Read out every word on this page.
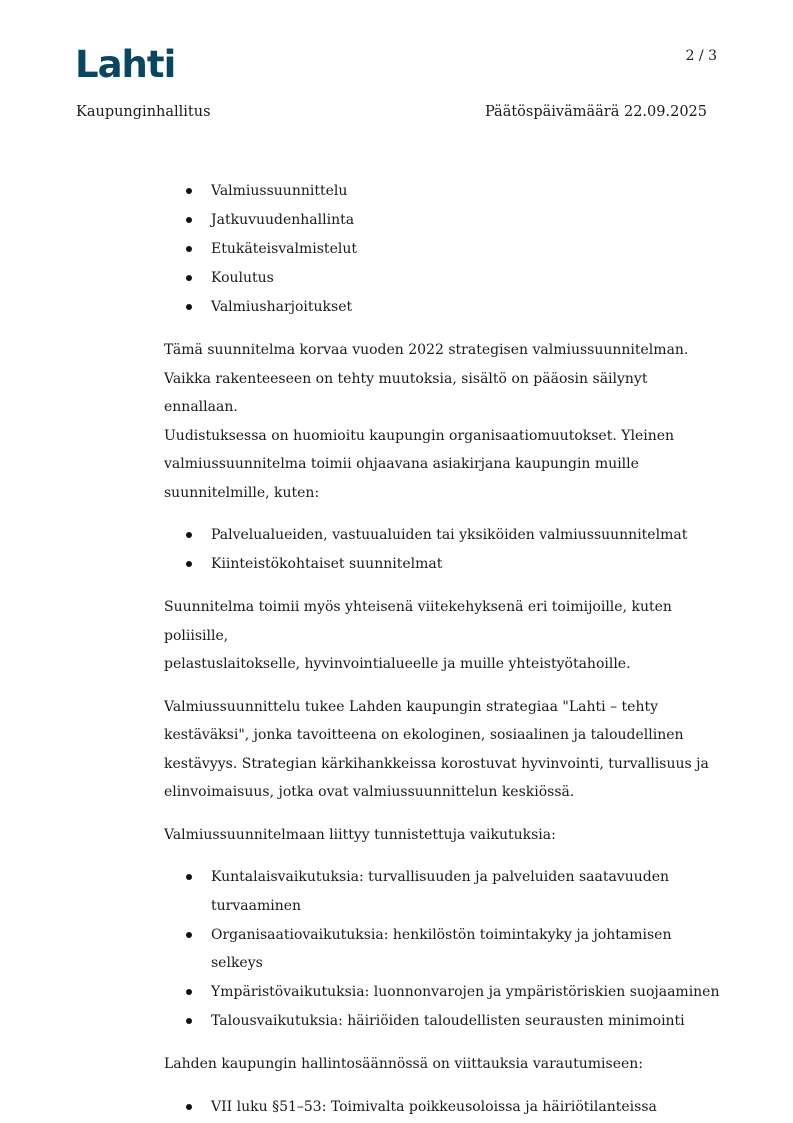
Lahti	2 / 3
Kaupunginhallitus	Päätöspäivämäärä 22.09.2025
Valmiussuunnittelu
Jatkuvuudenhallinta
Etukäteisvalmistelut
Koulutus
Valmiusharjoitukset

Tämä suunnitelma korvaa vuoden 2022 strategisen valmiussuunnitelman.
Vaikka rakenteeseen on tehty muutoksia, sisältö on pääosin säilynyt ennallaan.
Uudistuksessa on huomioitu kaupungin organisaatiomuutokset. Yleinen
valmiussuunnitelma toimii ohjaavana asiakirjana kaupungin muille
suunnitelmille, kuten:

Palvelualueiden, vastuualuiden tai yksiköiden valmiussuunnitelmat
Kiinteistökohtaiset suunnitelmat

Suunnitelma toimii myös yhteisenä viitekehyksenä eri toimijoille, kuten poliisille,
pelastuslaitokselle, hyvinvointialueelle ja muille yhteistyötahoille.

Valmiussuunnittelu tukee Lahden kaupungin strategiaa "Lahti – tehty
kestäväksi", jonka tavoitteena on ekologinen, sosiaalinen ja taloudellinen
kestävyys. Strategian kärkihankkeissa korostuvat hyvinvointi, turvallisuus ja
elinvoimaisuus, jotka ovat valmiussuunnittelun keskiössä.

Valmiussuunnitelmaan liittyy tunnistettuja vaikutuksia:

Kuntalaisvaikutuksia: turvallisuuden ja palveluiden saatavuuden
turvaaminen
Organisaatiovaikutuksia: henkilöstön toimintakyky ja johtamisen selkeys
Ympäristövaikutuksia: luonnonvarojen ja ympäristöriskien suojaaminen
Talousvaikutuksia: häiriöiden taloudellisten seurausten minimointi

Lahden kaupungin hallintosäännössä on viittauksia varautumiseen:

VII luku §51–53: Toimivalta poikkeusoloissa ja häiriötilanteissa
